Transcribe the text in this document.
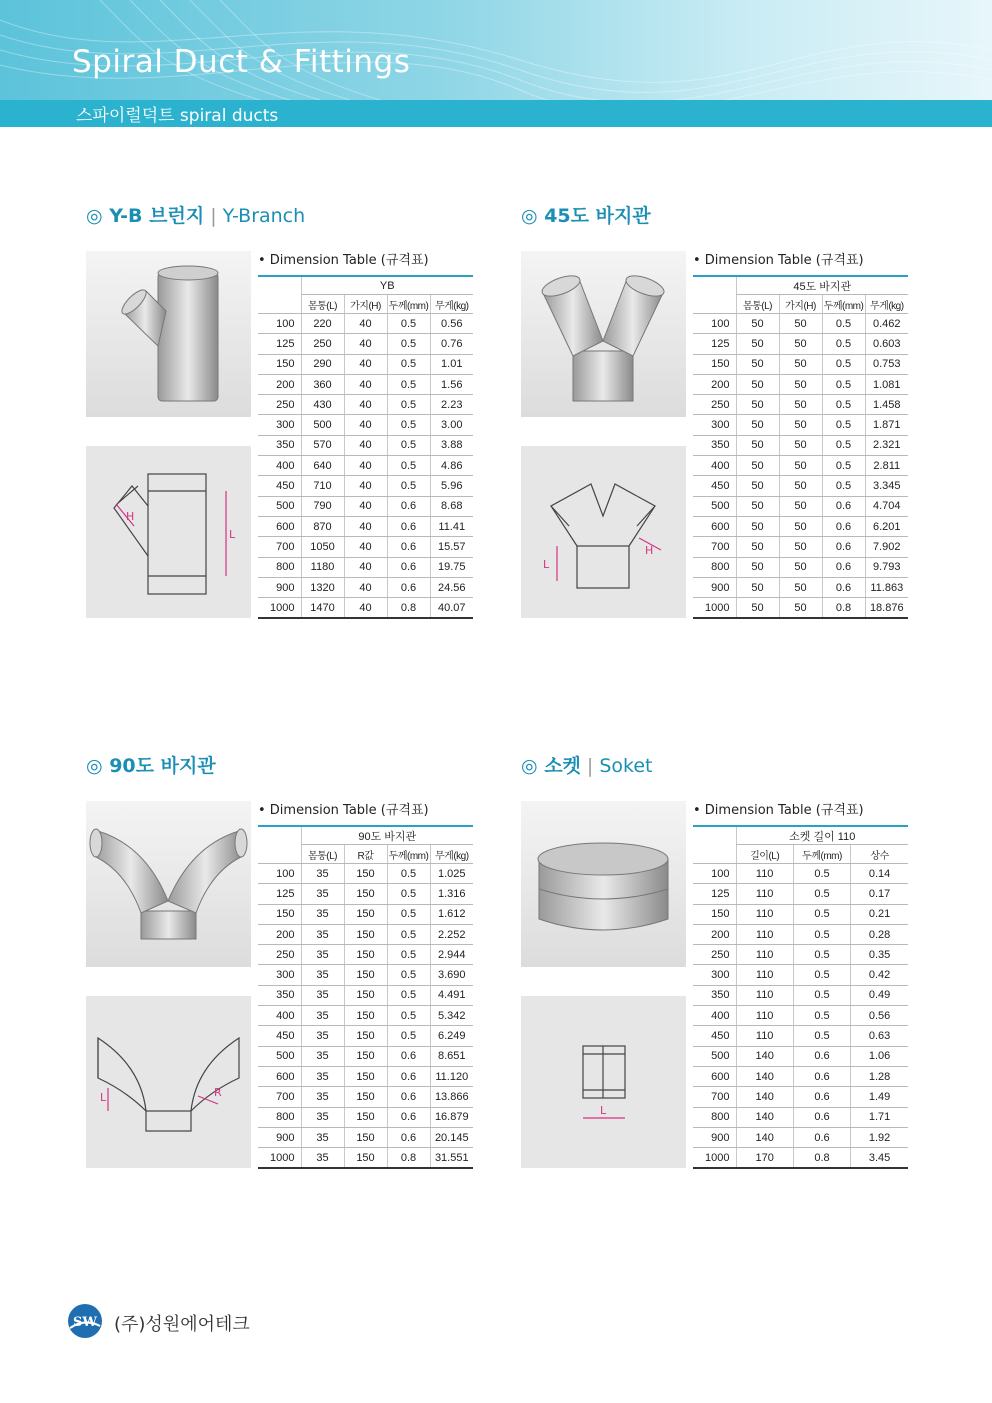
Spiral Duct & Fittings
스파이럴덕트 spiral ducts
◎ Y-B 브런지 | Y-Branch
• Dimension Table (규격표)
L
H
	YB			
	몸통(L)	가지(H)	두께(mm)	무게(kg)
100	220	40	0.5	0.56
125	250	40	0.5	0.76
150	290	40	0.5	1.01
200	360	40	0.5	1.56
250	430	40	0.5	2.23
300	500	40	0.5	3.00
350	570	40	0.5	3.88
400	640	40	0.5	4.86
450	710	40	0.5	5.96
500	790	40	0.6	8.68
600	870	40	0.6	11.41
700	1050	40	0.6	15.57
800	1180	40	0.6	19.75
900	1320	40	0.6	24.56
1000	1470	40	0.8	40.07
◎ 45도 바지관
• Dimension Table (규격표)
L
H
	45도 바지관			
	몸통(L)	가지(H)	두께(mm)	무게(kg)
100	50	50	0.5	0.462
125	50	50	0.5	0.603
150	50	50	0.5	0.753
200	50	50	0.5	1.081
250	50	50	0.5	1.458
300	50	50	0.5	1.871
350	50	50	0.5	2.321
400	50	50	0.5	2.811
450	50	50	0.5	3.345
500	50	50	0.6	4.704
600	50	50	0.6	6.201
700	50	50	0.6	7.902
800	50	50	0.6	9.793
900	50	50	0.6	11.863
1000	50	50	0.8	18.876
◎ 90도 바지관
• Dimension Table (규격표)
L	R
	90도 바지관			
	몸통(L)	R값	두께(mm)	무게(kg)
100	35	150	0.5	1.025
125	35	150	0.5	1.316
150	35	150	0.5	1.612
200	35	150	0.5	2.252
250	35	150	0.5	2.944
300	35	150	0.5	3.690
350	35	150	0.5	4.491
400	35	150	0.5	5.342
450	35	150	0.5	6.249
500	35	150	0.6	8.651
600	35	150	0.6	11.120
700	35	150	0.6	13.866
800	35	150	0.6	16.879
900	35	150	0.6	20.145
1000	35	150	0.8	31.551
◎ 소켓 | Soket
• Dimension Table (규격표)
L
	소켓 길이 110		
	길이(L)	두께(mm)	상수
100	110	0.5	0.14
125	110	0.5	0.17
150	110	0.5	0.21
200	110	0.5	0.28
250	110	0.5	0.35
300	110	0.5	0.42
350	110	0.5	0.49
400	110	0.5	0.56
450	110	0.5	0.63
500	140	0.6	1.06
600	140	0.6	1.28
700	140	0.6	1.49
800	140	0.6	1.71
900	140	0.6	1.92
1000	170	0.8	3.45
SW (주)성원에어테크
